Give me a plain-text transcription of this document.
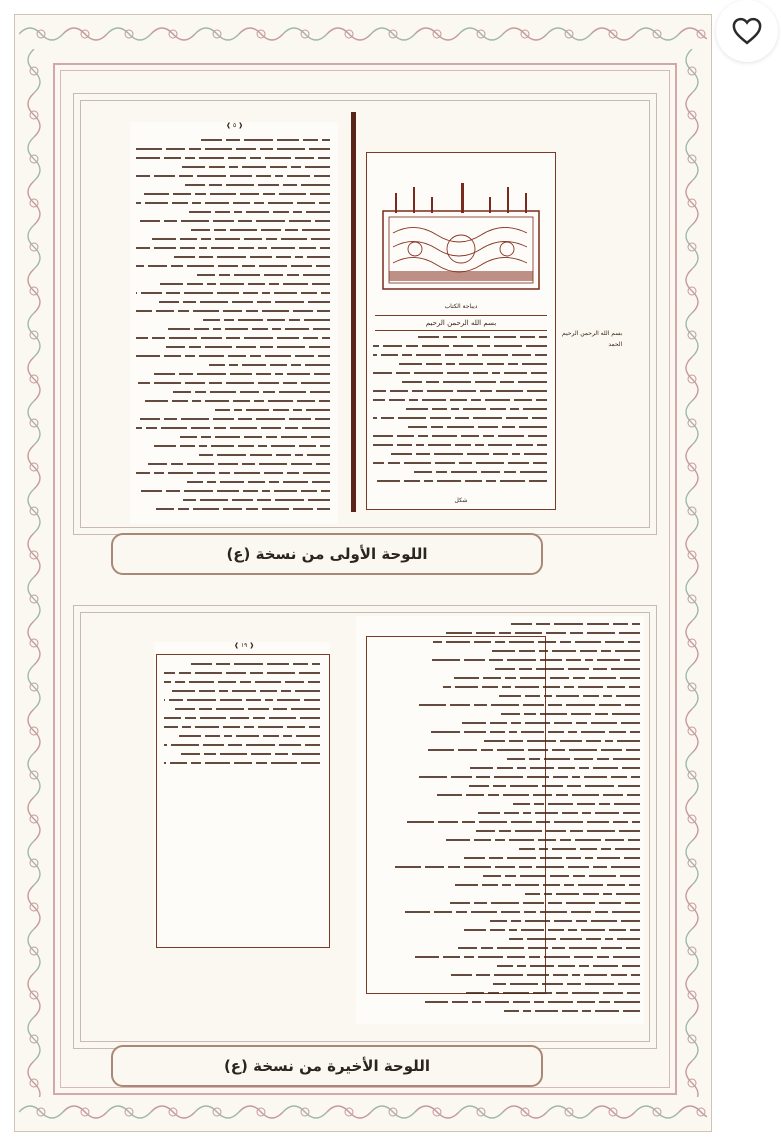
❰ ٥ ❱
ديباجة الكتاب
بسم الله الرحمن الرحيم
شكل
بسم الله الرحمن الرحيم
الحمد
اللوحة الأولى من نسخة (ع)
❰ ١٩ ❱
اللوحة الأخيرة من نسخة (ع)
